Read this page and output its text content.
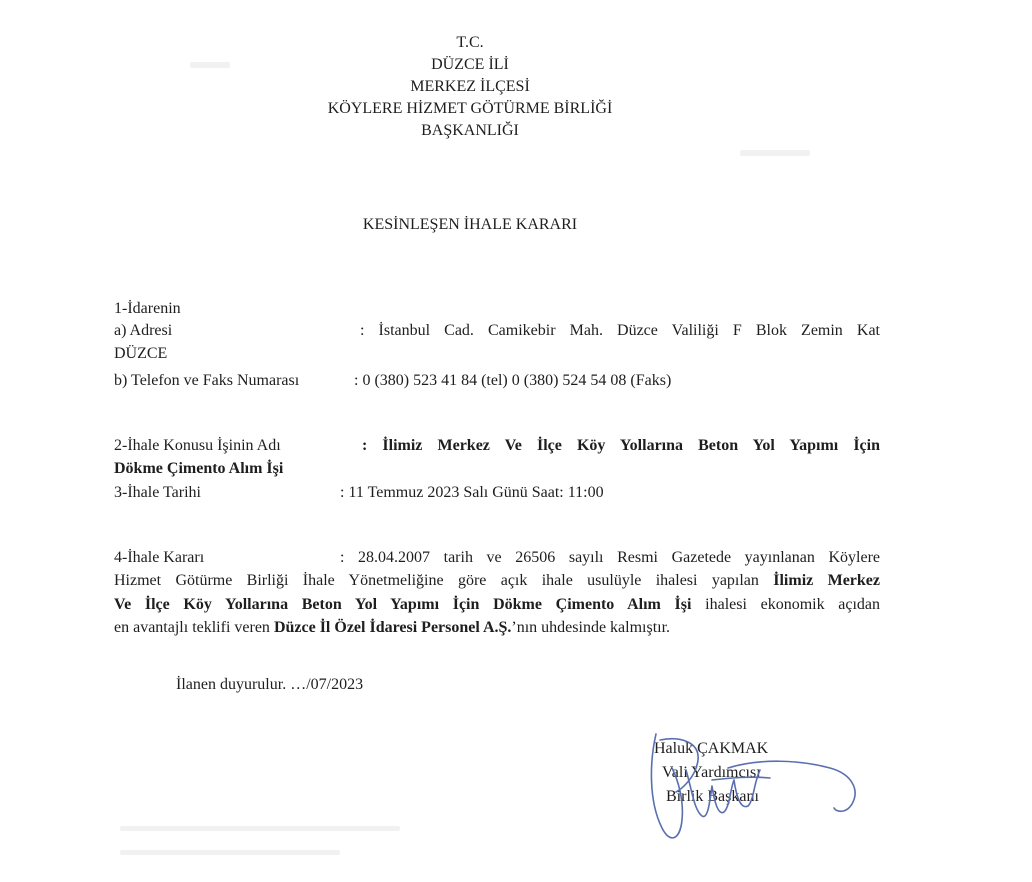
T.C.
DÜZCE İLİ
MERKEZ İLÇESİ
KÖYLERE HİZMET GÖTÜRME BİRLİĞİ
BAŞKANLIĞI
KESİNLEŞEN İHALE KARARI
1-İdarenin
a) Adresi	: İstanbul Cad. Camikebir Mah. Düzce Valiliği F Blok Zemin Kat
DÜZCE
b) Telefon ve Faks Numarası	: 0 (380) 523 41 84 (tel) 0 (380) 524 54 08 (Faks)
2-İhale Konusu İşinin Adı	: İlimiz Merkez Ve İlçe Köy Yollarına Beton Yol Yapımı İçin
Dökme Çimento Alım İşi
3-İhale Tarihi	: 11 Temmuz 2023 Salı Günü Saat: 11:00
4-İhale Kararı	: 28.04.2007 tarih ve 26506 sayılı Resmi Gazetede yayınlanan Köylere
Hizmet Götürme Birliği İhale Yönetmeliğine göre açık ihale usulüyle ihalesi yapılan İlimiz Merkez
Ve İlçe Köy Yollarına Beton Yol Yapımı İçin Dökme Çimento Alım İşi ihalesi ekonomik açıdan
en avantajlı teklifi veren Düzce İl Özel İdaresi Personel A.Ş.’nın uhdesinde kalmıştır.
İlanen duyurulur. …/07/2023
Haluk ÇAKMAK
Vali Yardımcısı
Birlik Başkanı
